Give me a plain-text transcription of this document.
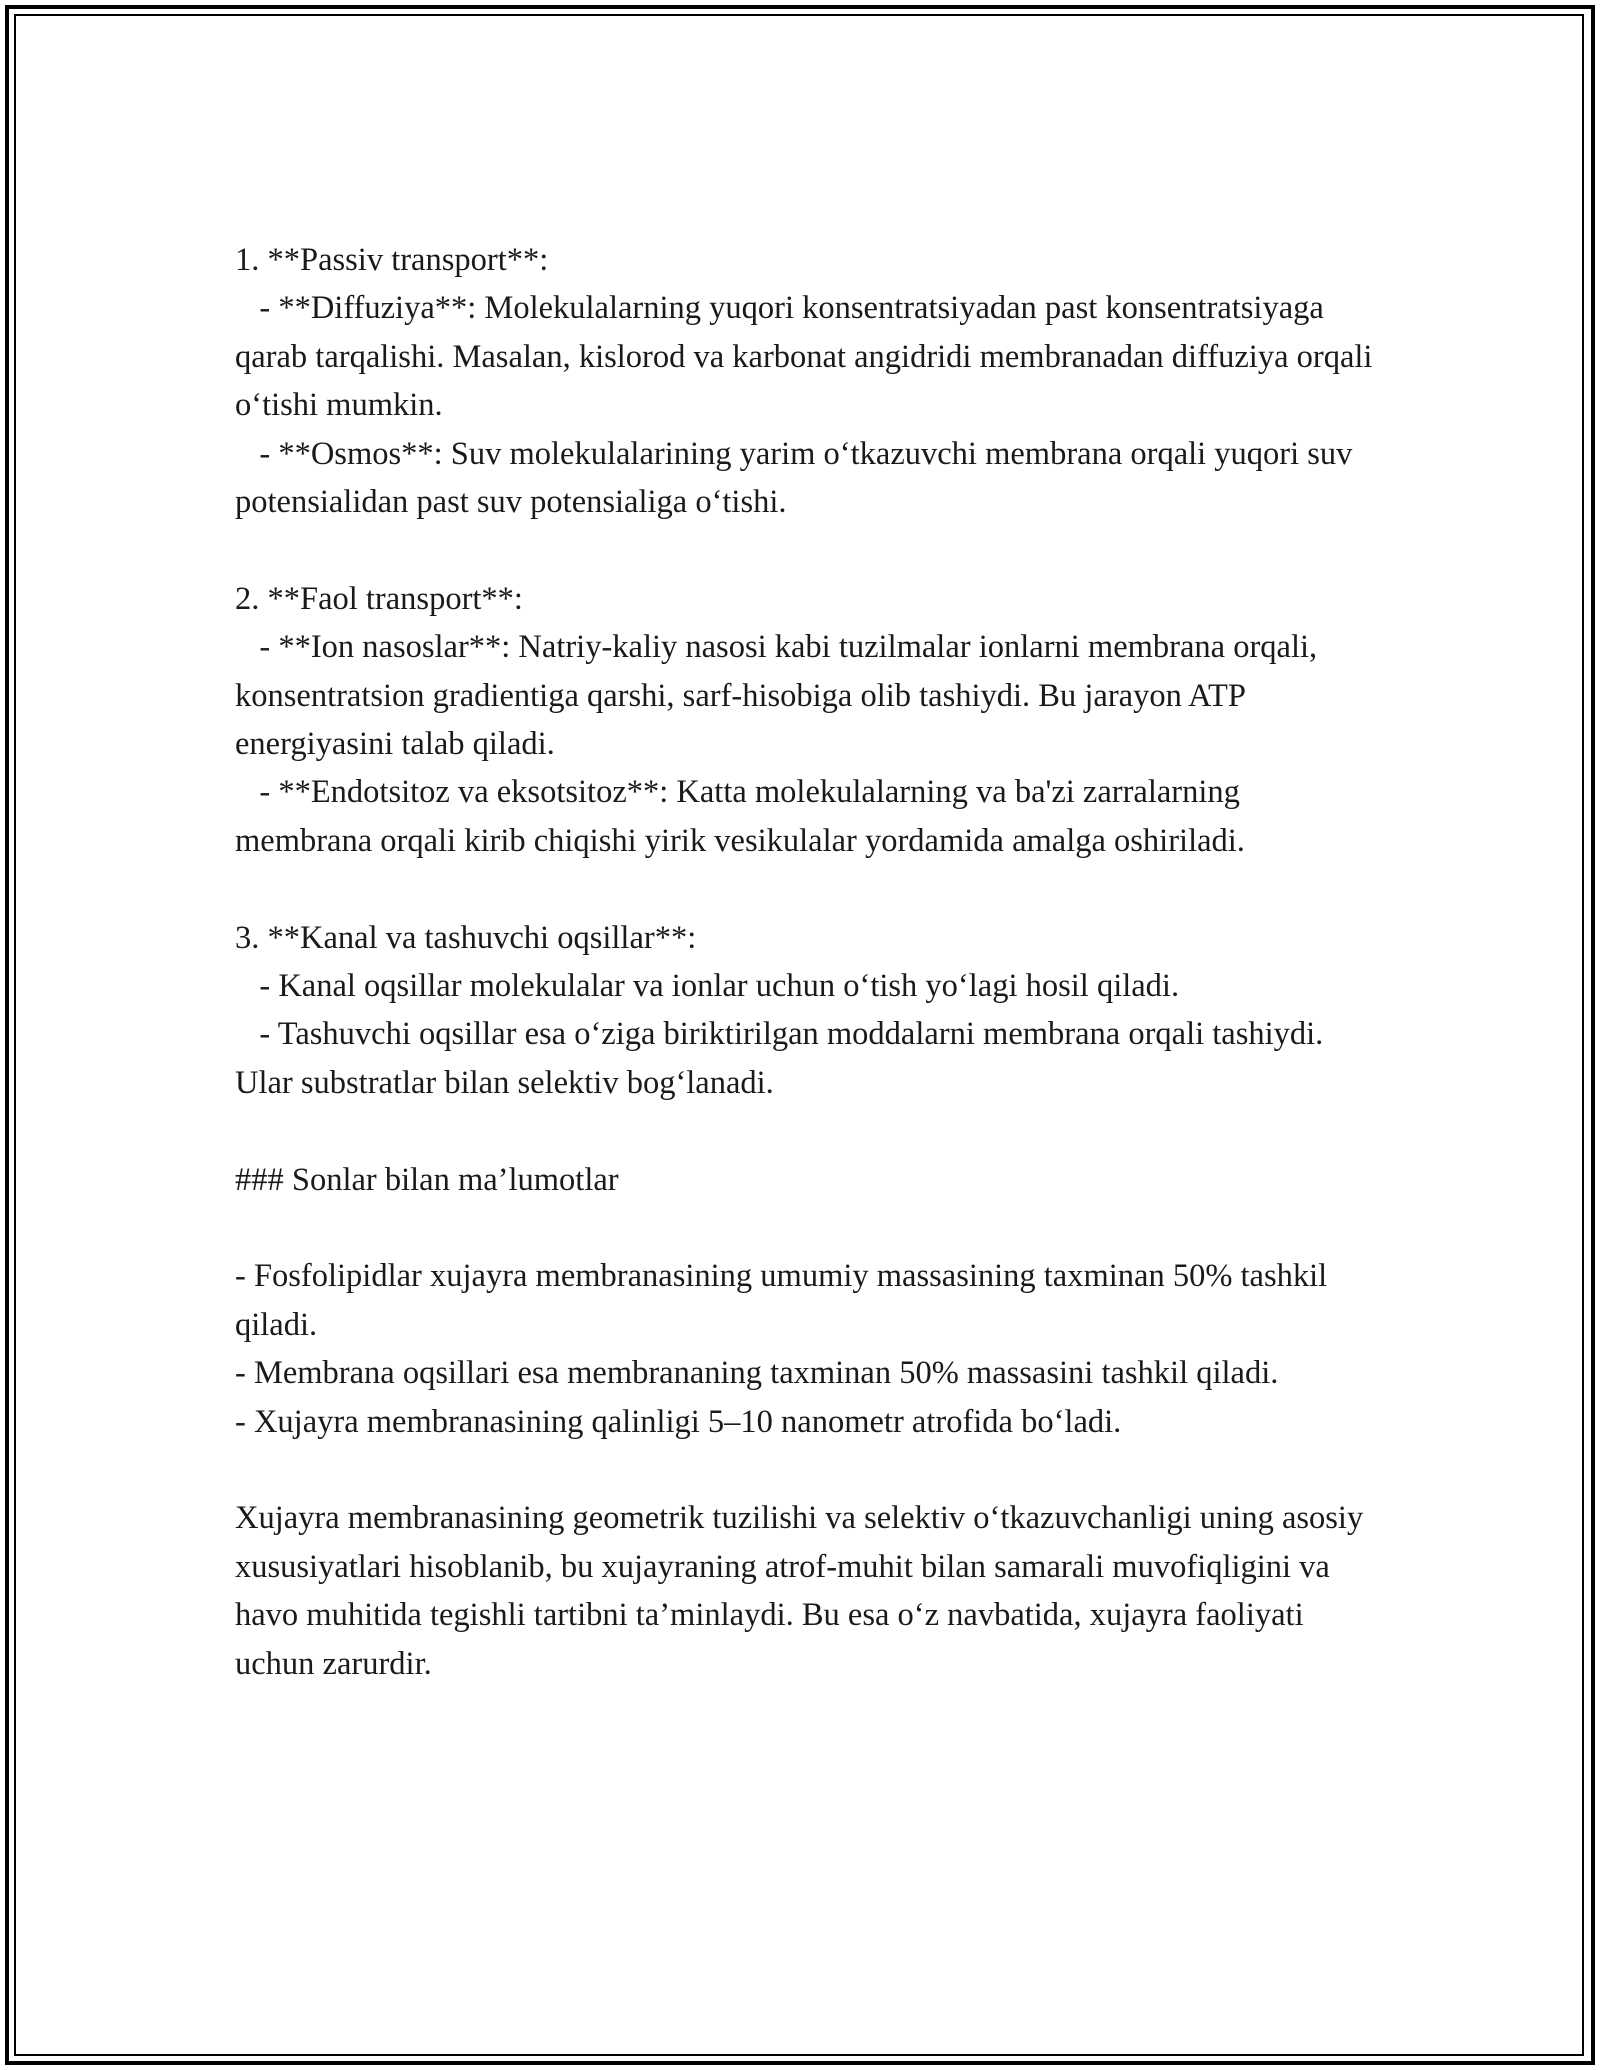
1. **Passiv transport**:

- **Diffuziya**: Molekulalarning yuqori konsentratsiyadan past konsentratsiyaga qarab tarqalishi. Masalan, kislorod va karbonat angidridi membranadan diffuziya orqali o‘tishi mumkin.

- **Osmos**: Suv molekulalarining yarim o‘tkazuvchi membrana orqali yuqori suv potensialidan past suv potensialiga o‘tishi.

2. **Faol transport**:

- **Ion nasoslar**: Natriy-kaliy nasosi kabi tuzilmalar ionlarni membrana orqali, konsentratsion gradientiga qarshi, sarf-hisobiga olib tashiydi. Bu jarayon ATP energiyasini talab qiladi.

- **Endotsitoz va eksotsitoz**: Katta molekulalarning va ba'zi zarralarning membrana orqali kirib chiqishi yirik vesikulalar yordamida amalga oshiriladi.

3. **Kanal va tashuvchi oqsillar**:

- Kanal oqsillar molekulalar va ionlar uchun o‘tish yo‘lagi hosil qiladi.

- Tashuvchi oqsillar esa o‘ziga biriktirilgan moddalarni membrana orqali tashiydi. Ular substratlar bilan selektiv bog‘lanadi.

### Sonlar bilan ma’lumotlar

- Fosfolipidlar xujayra membranasining umumiy massasining taxminan 50% tashkil qiladi.

- Membrana oqsillari esa membrananing taxminan 50% massasini tashkil qiladi.

- Xujayra membranasining qalinligi 5–10 nanometr atrofida bo‘ladi.

Xujayra membranasining geometrik tuzilishi va selektiv o‘tkazuvchanligi uning asosiy xususiyatlari hisoblanib, bu xujayraning atrof-muhit bilan samarali muvofiqligini va havo muhitida tegishli tartibni ta’minlaydi. Bu esa o‘z navbatida, xujayra faoliyati uchun zarurdir.
